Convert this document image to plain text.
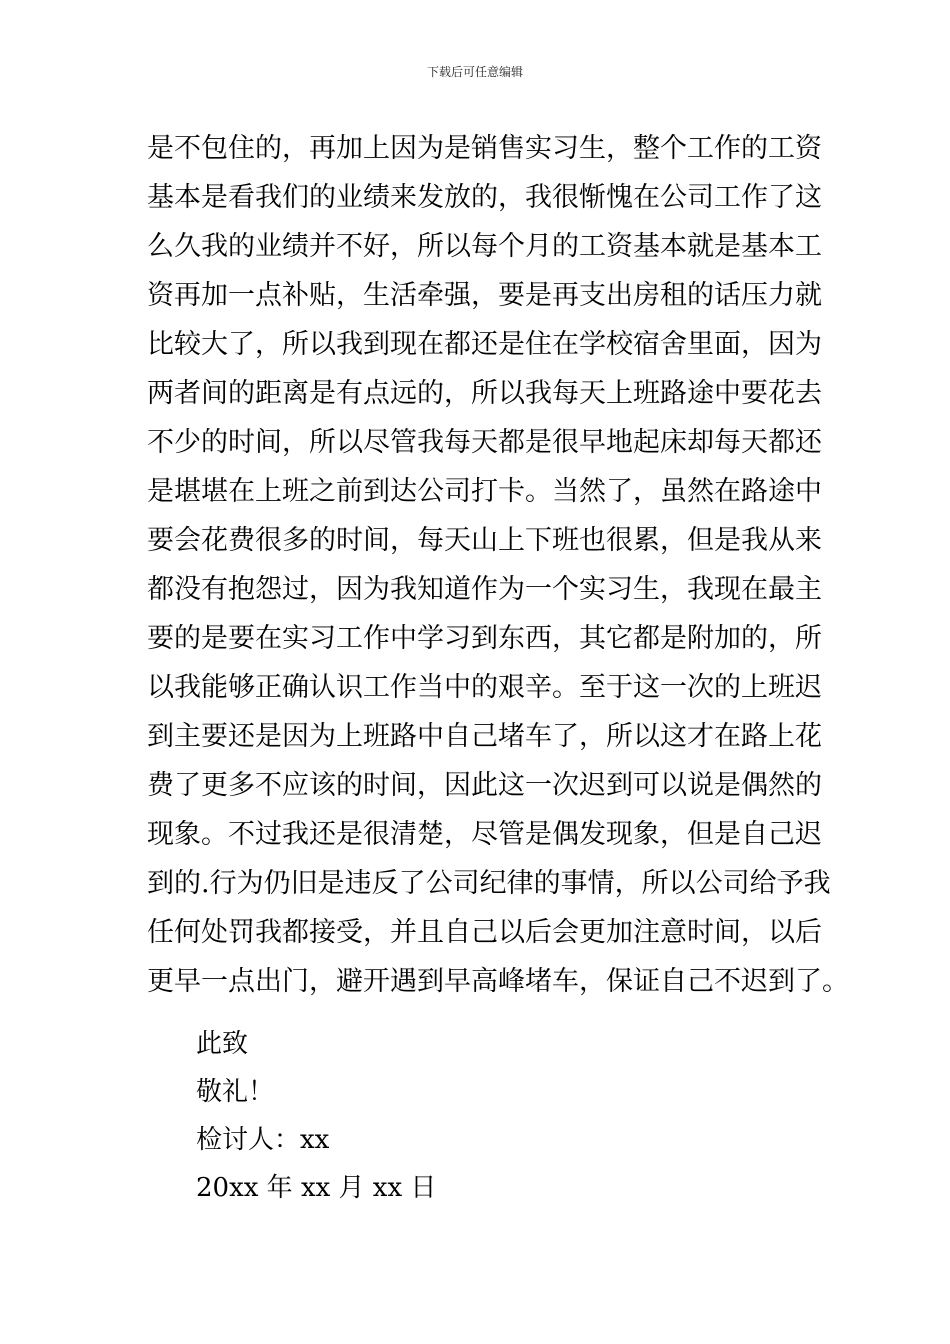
下载后可任意编辑
是不包住的，再加上因为是销售实习生，整个工作的工资
基本是看我们的业绩来发放的，我很惭愧在公司工作了这
么久我的业绩并不好，所以每个月的工资基本就是基本工
资再加一点补贴，生活牵强，要是再支出房租的话压力就
比较大了，所以我到现在都还是住在学校宿舍里面，因为
两者间的距离是有点远的，所以我每天上班路途中要花去
不少的时间，所以尽管我每天都是很早地起床却每天都还
是堪堪在上班之前到达公司打卡。当然了，虽然在路途中
要会花费很多的时间，每天山上下班也很累，但是我从来
都没有抱怨过，因为我知道作为一个实习生，我现在最主
要的是要在实习工作中学习到东西，其它都是附加的，所
以我能够正确认识工作当中的艰辛。至于这一次的上班迟
到主要还是因为上班路中自己堵车了，所以这才在路上花
费了更多不应该的时间，因此这一次迟到可以说是偶然的
现象。不过我还是很清楚，尽管是偶发现象，但是自己迟
到的.行为仍旧是违反了公司纪律的事情，所以公司给予我
任何处罚我都接受，并且自己以后会更加注意时间，以后
更早一点出门，避开遇到早高峰堵车，保证自己不迟到了。
此致
敬礼！
检讨人：xx
20xx 年 xx 月 xx 日
